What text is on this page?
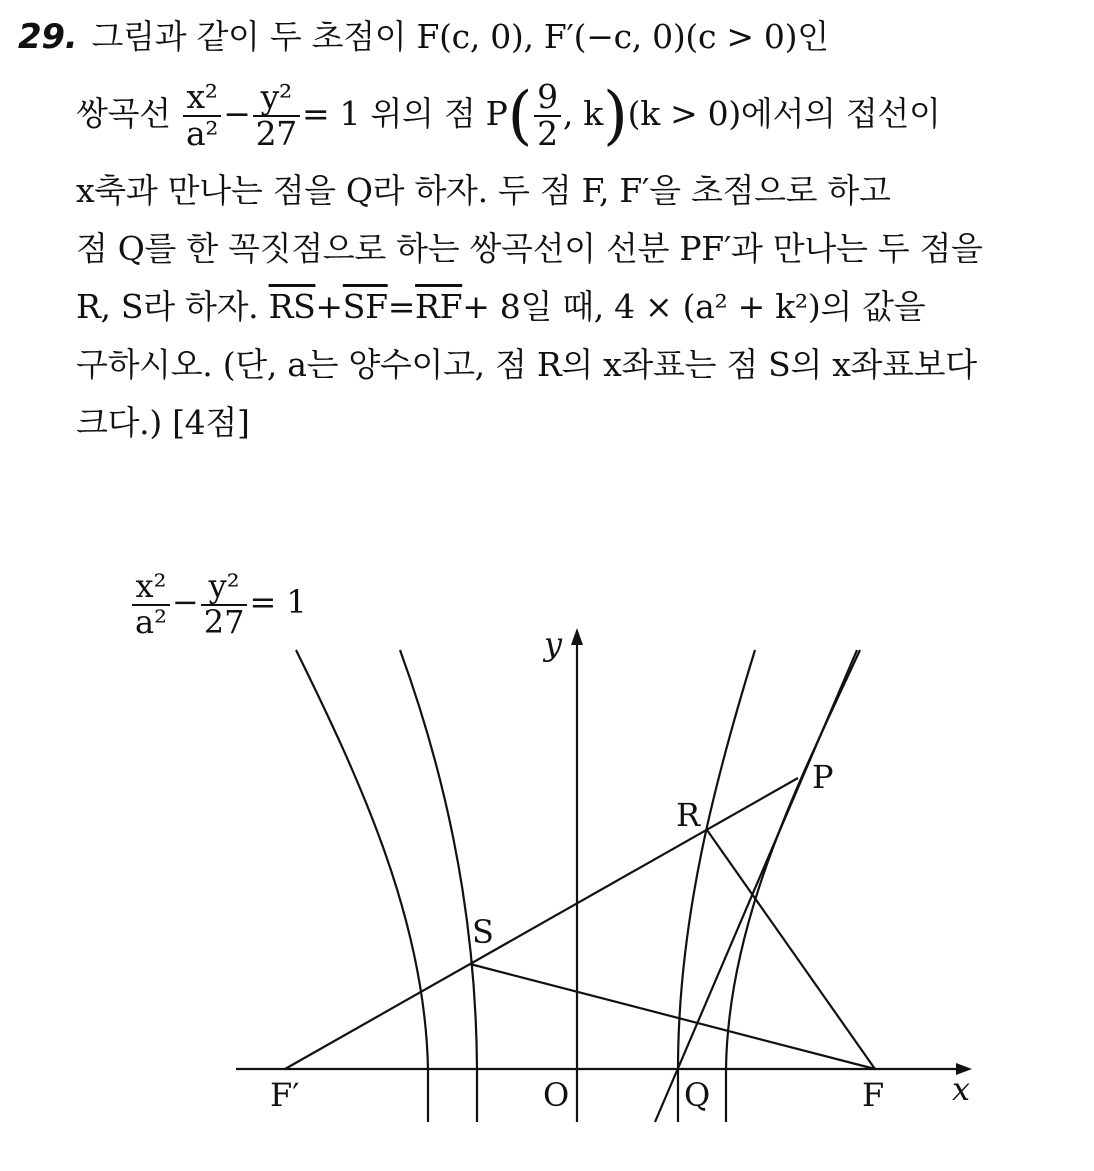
29. 그림과 같이 두 초점이 F(c, 0), F′(−c, 0)(c > 0)인
쌍곡선 $\frac{\text{x²}}{\text{a²}} - \frac{\text{y²}}{27} = 1$ 위의 점 $P( \frac{9}{2}$ , k)(k > 0)에서의 접선이
x축과 만나는 점을 Q라 하자. 두 점 F, F′을 초점으로 하고
점 Q를 한 꼭짓점으로 하는 쌍곡선이 선분 PF′과 만나는 두 점을
R, S라 하자. $\overline{RS}+\overline{SF}=\overline{RF}+ 8$일 때, 4 × (a² + k²)의 값을
구하시오. (단, a는 양수이고, 점 R의 x좌표는 점 S의 x좌표보다
크다.) [4점]
$\frac{\text{x²}}{\text{a²}} - \frac{\text{y²}}{27} = 1$
y
x
O
P
R
S
Q	F
F′
